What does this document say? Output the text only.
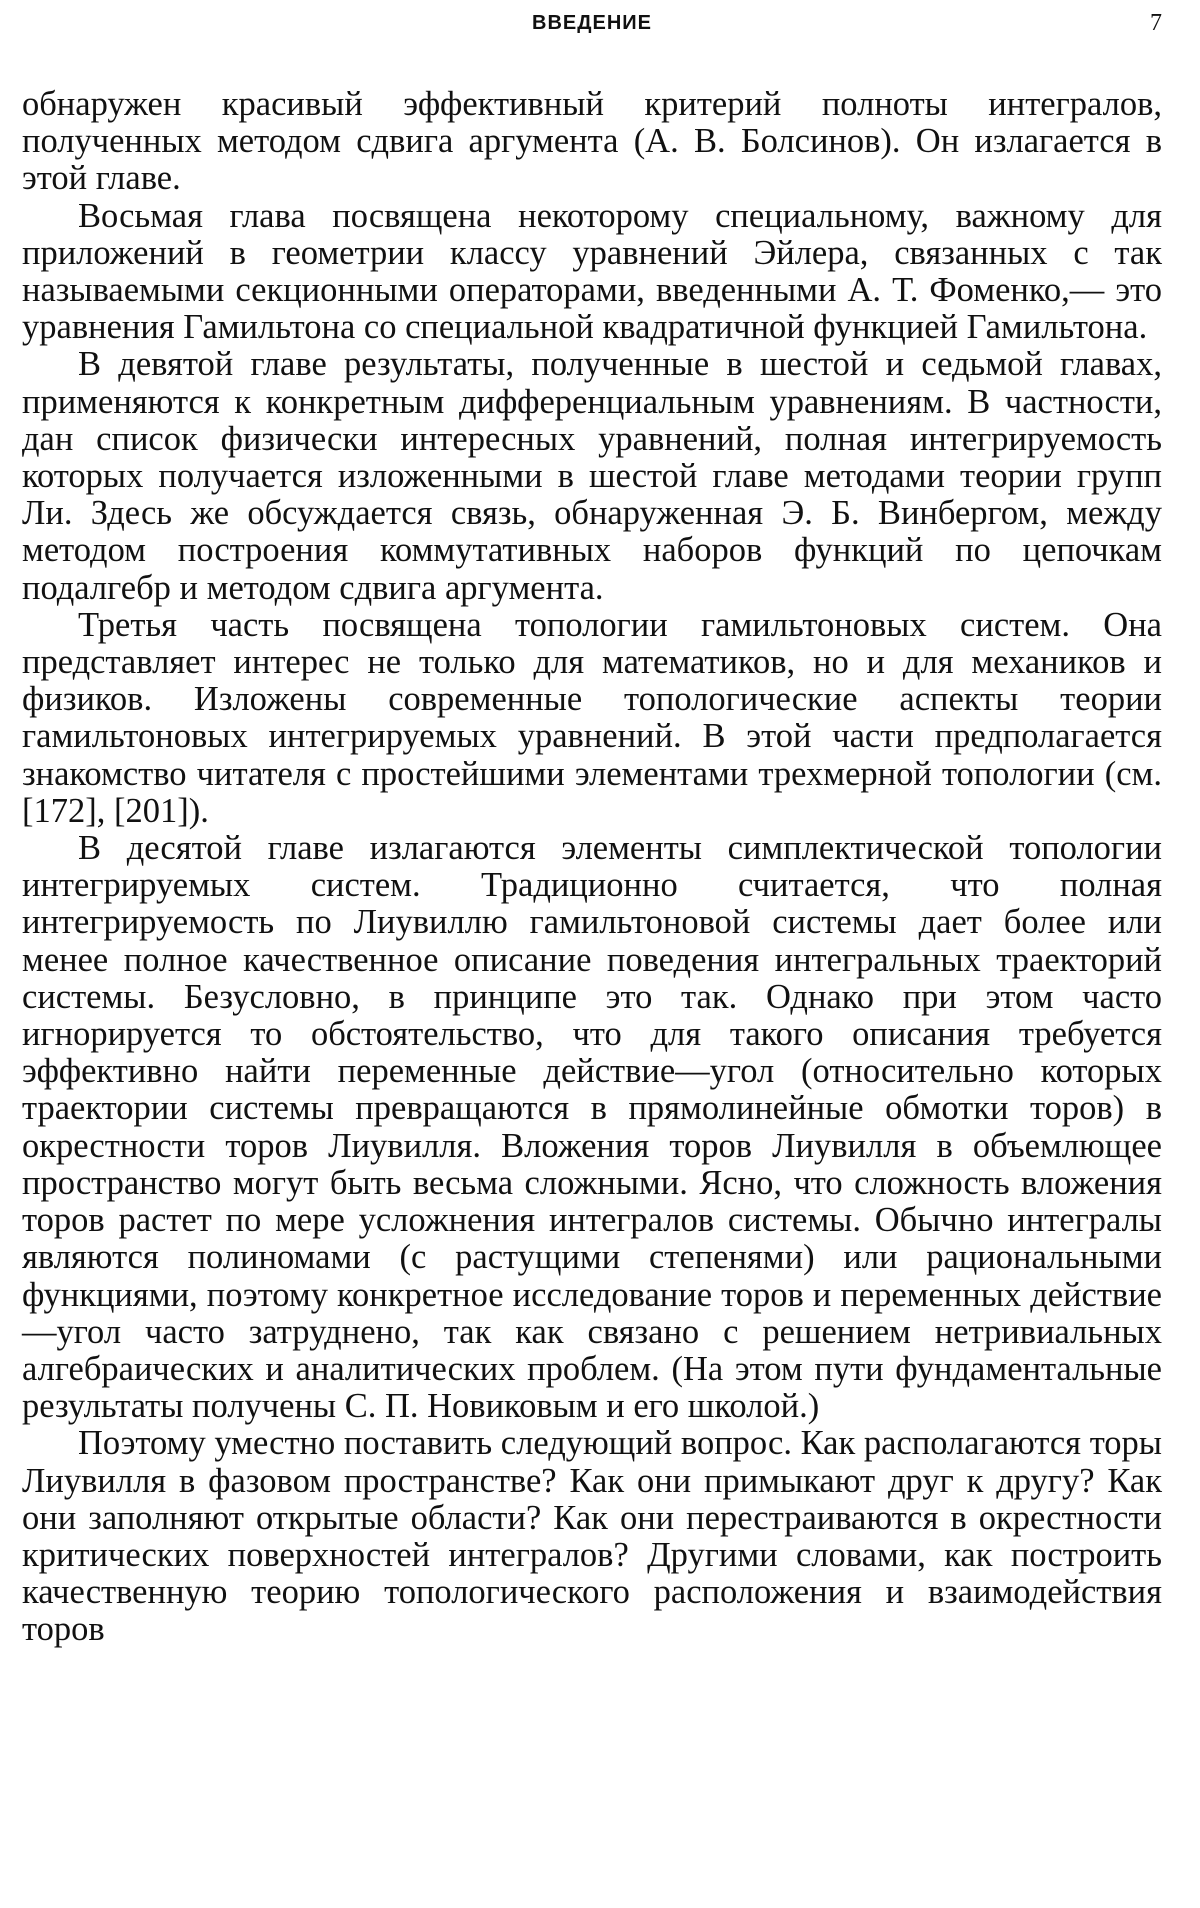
ВВЕДЕНИЕ	7

обнаружен красивый эффективный критерий полноты интегралов, полученных методом сдвига аргумента (А. В. Болсинов). Он излагается в этой главе.

Восьмая глава посвящена некоторому специальному, важному для приложений в геометрии классу уравнений Эйлера, связанных с так называемыми секционными операторами, введенными А. Т. Фоменко,— это уравнения Гамильтона со специальной квадратичной функцией Гамильтона.

В девятой главе результаты, полученные в шестой и седьмой главах, применяются к конкретным дифференциальным уравнениям. В частности, дан список физически интересных уравнений, полная интегрируемость которых получается изложенными в шестой главе методами теории групп Ли. Здесь же обсуждается связь, обнаруженная Э. Б. Винбергом, между методом построения коммутативных наборов функций по цепочкам подалгебр и методом сдвига аргумента.

Третья часть посвящена топологии гамильтоновых систем. Она представляет интерес не только для математиков, но и для механиков и физиков. Изложены современные топологические аспекты теории гамильтоновых интегрируемых уравнений. В этой части предполагается знакомство читателя с простейшими элементами трехмерной топологии (см. [172], [201]).

В десятой главе излагаются элементы симплектической топологии интегрируемых систем. Традиционно считается, что полная интегрируемость по Лиувиллю гамильтоновой системы дает более или менее полное качественное описание поведения интегральных траекторий системы. Безусловно, в принципе это так. Однако при этом часто игнорируется то обстоятельство, что для такого описания требуется эффективно найти переменные действие—угол (относительно которых траектории системы превращаются в прямолинейные обмотки торов) в окрестности торов Лиувилля. Вложения торов Лиувилля в объемлющее пространство могут быть весьма сложными. Ясно, что сложность вложения торов растет по мере усложнения интегралов системы. Обычно интегралы являются полиномами (с растущими степенями) или рациональными функциями, поэтому конкретное исследование торов и переменных действие—угол часто затруднено, так как связано с решением нетривиальных алгебраических и аналитических проблем. (На этом пути фундаментальные результаты получены С. П. Новиковым и его школой.)

Поэтому уместно поставить следующий вопрос. Как располагаются торы Лиувилля в фазовом пространстве? Как они примыкают друг к другу? Как они заполняют открытые области? Как они перестраиваются в окрестности критических поверхностей интегралов? Другими словами, как построить качественную теорию топологического расположения и взаимодействия торов
